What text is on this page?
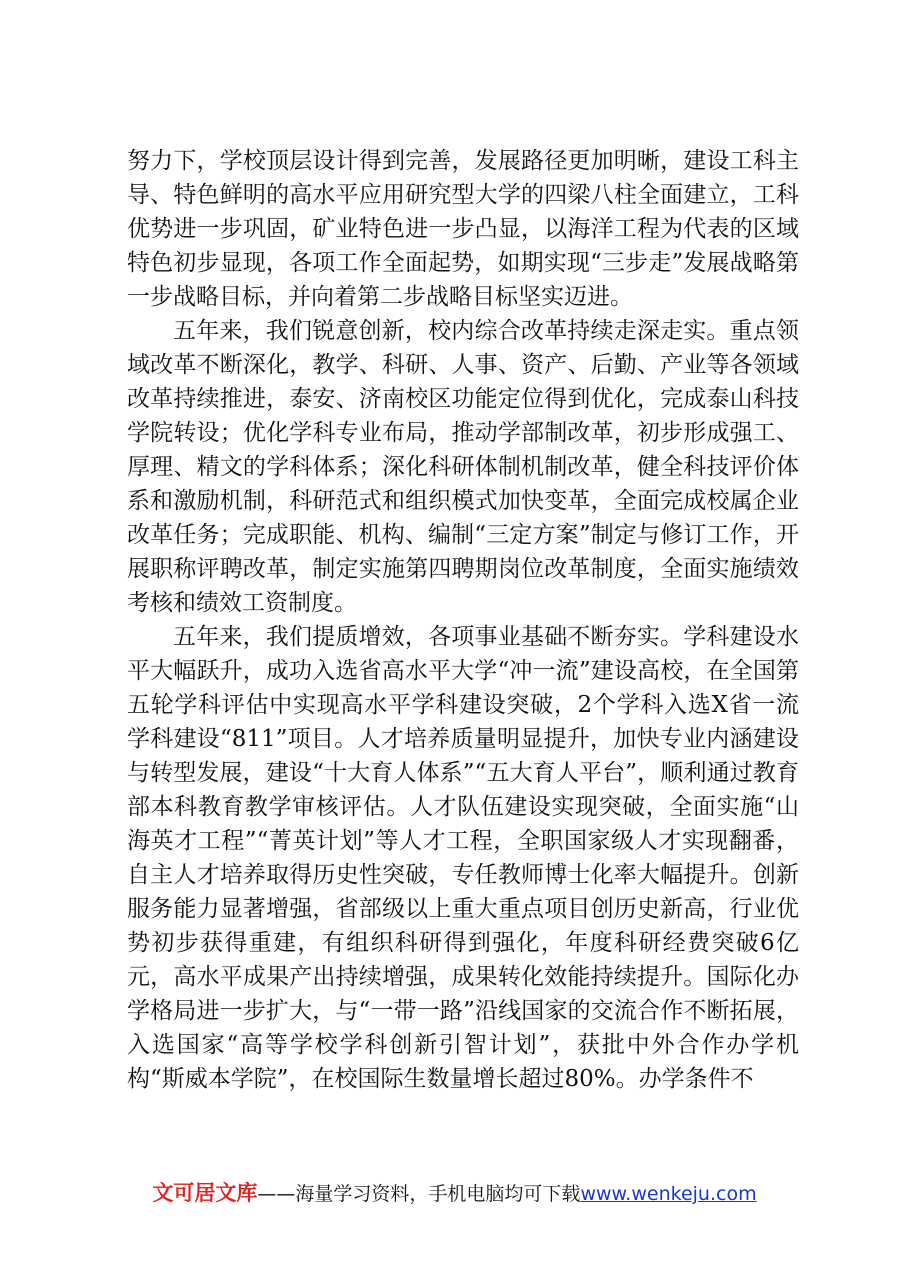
努力下，学校顶层设计得到完善，发展路径更加明晰，建设工科主导、特色鲜明的高水平应用研究型大学的四梁八柱全面建立，工科优势进一步巩固，矿业特色进一步凸显，以海洋工程为代表的区域特色初步显现，各项工作全面起势，如期实现“三步走”发展战略第一步战略目标，并向着第二步战略目标坚实迈进。

五年来，我们锐意创新，校内综合改革持续走深走实。重点领域改革不断深化，教学、科研、人事、资产、后勤、产业等各领域改革持续推进，泰安、济南校区功能定位得到优化，完成泰山科技学院转设；优化学科专业布局，推动学部制改革，初步形成强工、厚理、精文的学科体系；深化科研体制机制改革，健全科技评价体系和激励机制，科研范式和组织模式加快变革，全面完成校属企业改革任务；完成职能、机构、编制“三定方案”制定与修订工作，开展职称评聘改革，制定实施第四聘期岗位改革制度，全面实施绩效考核和绩效工资制度。

五年来，我们提质增效，各项事业基础不断夯实。学科建设水平大幅跃升，成功入选省高水平大学“冲一流”建设高校，在全国第五轮学科评估中实现高水平学科建设突破，2个学科入选X省一流学科建设“811”项目。人才培养质量明显提升，加快专业内涵建设与转型发展，建设“十大育人体系”“五大育人平台”，顺利通过教育部本科教育教学审核评估。人才队伍建设实现突破，全面实施“山海英才工程”“菁英计划”等人才工程，全职国家级人才实现翻番，自主人才培养取得历史性突破，专任教师博士化率大幅提升。创新服务能力显著增强，省部级以上重大重点项目创历史新高，行业优势初步获得重建，有组织科研得到强化，年度科研经费突破6亿元，高水平成果产出持续增强，成果转化效能持续提升。国际化办学格局进一步扩大，与“一带一路”沿线国家的交流合作不断拓展，入选国家“高等学校学科创新引智计划”，获批中外合作办学机构“斯威本学院”，在校国际生数量增长超过80%。办学条件不

文可居文库——海量学习资料，手机电脑均可下载www.wenkeju.com
